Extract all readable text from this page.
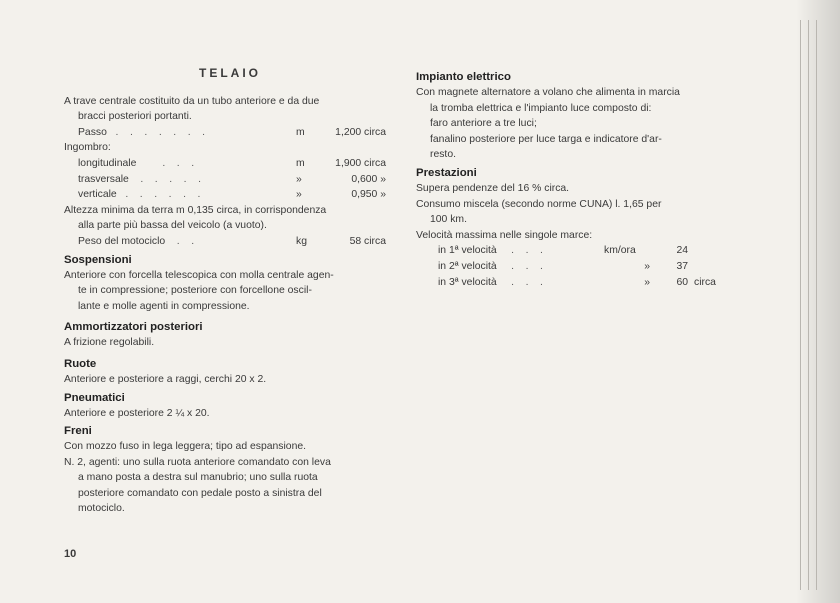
TELAIO

A trave centrale costituito da un tubo anteriore e da due

bracci posteriori portanti.

Passo   .    .    .    .    .    .    .	m	1,200 circa

Ingombro:

longitudinale         .    .    .	m	1,900 circa
trasversale    .    .    .    .    .	»	0,600 »
verticale   .    .    .    .    .    .	»	0,950 »

Altezza minima da terra m 0,135 circa, in corrispondenza

alla parte più bassa del veicolo (a vuoto).

Peso del motociclo    .    .	kg	58 circa
Sospensioni

Anteriore con forcella telescopica con molla centrale agen-

te in compressione; posteriore con forcellone oscil-

lante e molle agenti in compressione.

Ammortizzatori posteriori

A frizione regolabili.

Ruote

Anteriore e posteriore a raggi, cerchi 20 x 2.

Pneumatici

Anteriore e posteriore 2 ¼ x 20.

Freni

Con mozzo fuso in lega leggera; tipo ad espansione.

N. 2, agenti: uno sulla ruota anteriore comandato con leva

a mano posta a destra sul manubrio; uno sulla ruota

posteriore comandato con pedale posto a sinistra del

motociclo.

Impianto elettrico

Con magnete alternatore a volano che alimenta in marcia

la tromba elettrica e l'impianto luce composto di:

faro anteriore a tre luci;

fanalino posteriore per luce targa e indicatore d'ar-

resto.

Prestazioni

Supera pendenze del 16 % circa.

Consumo miscela (secondo norme CUNA) l. 1,65 per

100 km.

Velocità massima nelle singole marce:

in 1ª velocità     .    .    .	km/ora	24
in 2ª velocità     .    .    .	»	37
in 3ª velocità     .    .    .	»	60 circa
10
